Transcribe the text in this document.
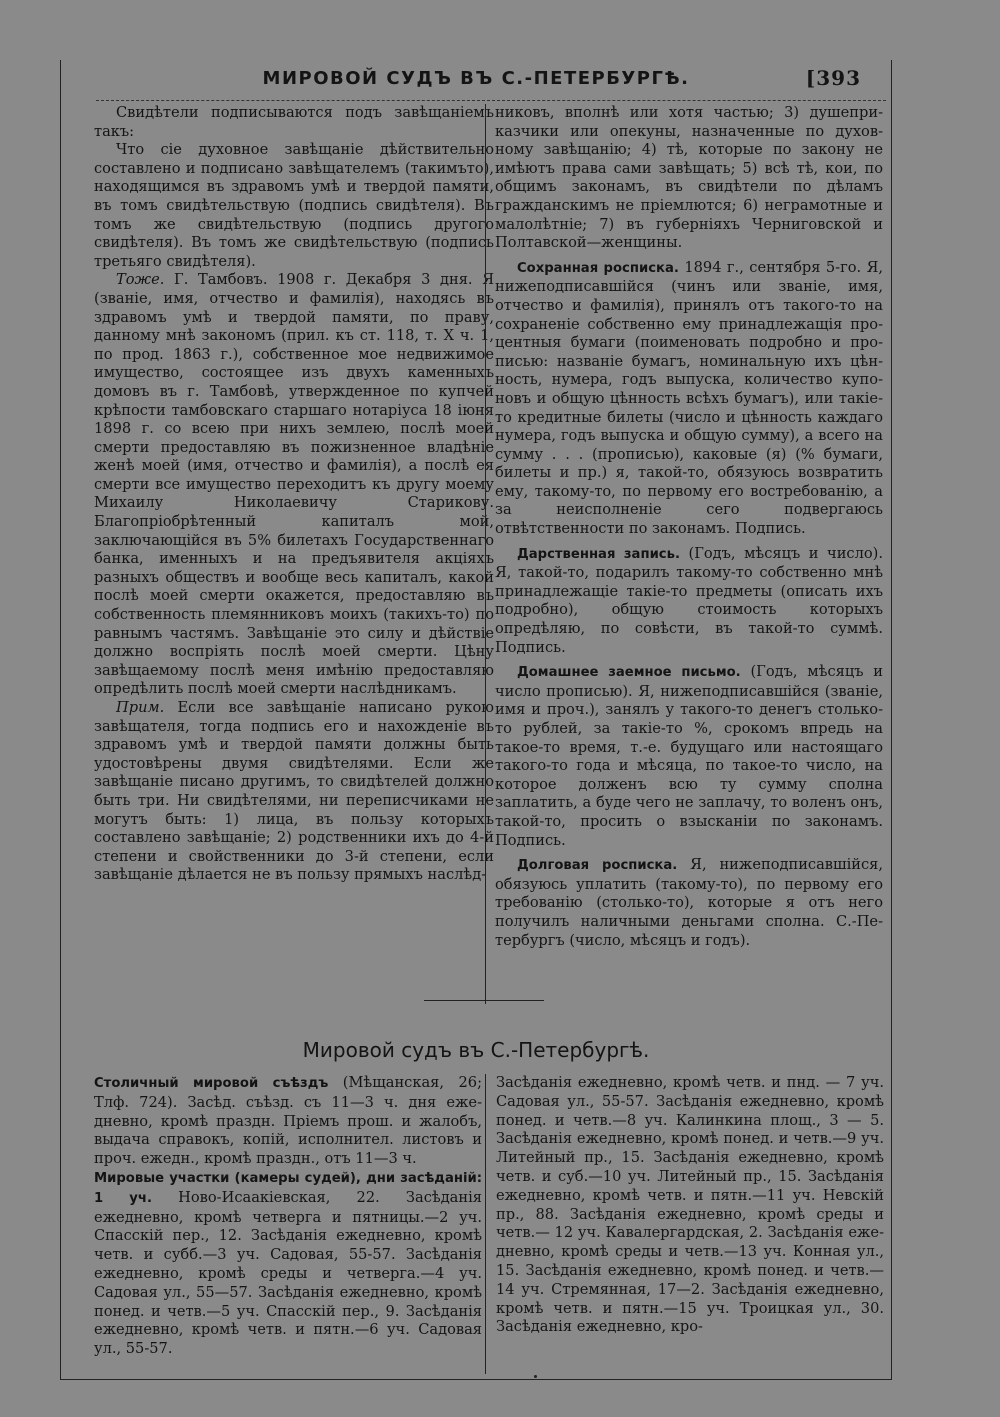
МИРОВОЙ СУДЪ ВЪ С.-ПЕТЕРБУРГѢ.	[393

Свидѣтели подписываются подъ завѣщаніемъ такъ:

Что сіе духовное завѣщаніе дѣйствительно составлено и подписано завѣщателемъ (такимъто), находящимся въ здравомъ умѣ и твердой памяти, въ томъ свидѣтельствую (подпись свидѣтеля). Въ томъ же свидѣтельствую (подпись другого свидѣтеля). Въ томъ же свидѣтельствую (подпись третьяго свидѣтеля).

Тоже. Г. Тамбовъ. 1908 г. Декабря 3 дня. Я (званіе, имя, отчество и фамилія), находясь въ здравомъ умѣ и твердой памяти, по праву, данному мнѣ закономъ (прил. къ ст. 118, т. X ч. 1, по прод. 1863 г.), собственное мое недвижимое имущество, состоящее изъ двухъ каменныхъ домовъ въ г. Тамбовѣ, утвержденное по купчей крѣпости тамбовскаго старшаго нотаріуса 18 іюня 1898 г. со всею при нихъ землею, послѣ моей смерти предоставляю въ пожизненное владѣніе женѣ моей (имя, отчество и фамилія), а послѣ ея смерти все имущество переходитъ къ другу моему Михаилу Николаевичу Старикову. Благопріобрѣтенный капиталъ мой, заключающійся въ 5% билетахъ Государственнаго банка, именныхъ и на предъявителя акціяхъ разныхъ обществъ и вообще весь капиталъ, какой послѣ моей смерти окажется, предоставляю въ собственность племянниковъ моихъ (такихъ-то) по равнымъ частямъ. Завѣщаніе это силу и дѣйствіе должно воспріять послѣ моей смерти. Цѣну завѣщаемому послѣ меня имѣнію предоставляю опредѣлить послѣ моей смерти наслѣдникамъ.

Прим. Если все завѣщаніе написано рукою завѣщателя, тогда подпись его и нахожденіе въ здравомъ умѣ и твердой памяти должны быть удостовѣрены двумя свидѣтелями. Если же завѣщаніе писано другимъ, то свидѣтелей должно быть три. Ни свидѣтелями, ни переписчиками не могутъ быть: 1) лица, въ пользу которыхъ составлено завѣщаніе; 2) родственники ихъ до 4-й степени и свойственники до 3-й степени, если завѣщаніе дѣлается не въ пользу прямыхъ наслѣд-

никовъ, вполнѣ или хотя частью; 3) душеприказчики или опекуны, назначенные по духовному завѣщанію; 4) тѣ, которые по закону не имѣютъ права сами завѣщать; 5) всѣ тѣ, кои, по общимъ законамъ, въ свидѣтели по дѣламъ гражданскимъ не пріемлются; 6) неграмотные и малолѣтніе; 7) въ губерніяхъ Черниговской и Полтавской—женщины.

Сохранная росписка. 1894 г., сентября 5-го. Я, нижеподписавшійся (чинъ или званіе, имя, отчество и фамилія), принялъ отъ такого-то на сохраненіе собственно ему принадлежащія процентныя бумаги (поименовать подробно и прописью: названіе бумагъ, номинальную ихъ цѣнность, нумера, годъ выпуска, количество купоновъ и общую цѣнность всѣхъ бумагъ), или такіе-то кредитные билеты (число и цѣнность каждаго нумера, годъ выпуска и общую сумму), а всего на сумму . . . (прописью), каковые (я) (% бумаги, билеты и пр.) я, такой-то, обязуюсь возвратить ему, такому-то, по первому его востребованію, а за неисполненіе сего подвергаюсь отвѣтственности по законамъ. Подпись.

Дарственная запись. (Годъ, мѣсяцъ и число). Я, такой-то, подарилъ такому-то собственно мнѣ принадлежащіе такіе-то предметы (описать ихъ подробно), общую стоимость которыхъ опредѣляю, по совѣсти, въ такой-то суммѣ. Подпись.

Домашнее заемное письмо. (Годъ, мѣсяцъ и число прописью). Я, нижеподписавшійся (званіе, имя и проч.), занялъ у такого-то денегъ столько-то рублей, за такіе-то %, срокомъ впредь на такое-то время, т.-е. будущаго или настоящаго такого-то года и мѣсяца, по такое-то число, на которое долженъ всю ту сумму сполна заплатить, а буде чего не заплачу, то воленъ онъ, такой-то, просить о взысканіи по законамъ. Подпись.

Долговая росписка. Я, нижеподписавшійся, обязуюсь уплатить (такому-то), по первому его требованію (столько-то), которые я отъ него получилъ наличными деньгами сполна. С.-Петербургъ (число, мѣсяцъ и годъ).

Мировой судъ въ С.-Петербургѣ.

Столичный мировой съѣздъ (Мѣщанская, 26; Тлф. 724). Засѣд. съѣзд. съ 11—3 ч. дня ежедневно, кромѣ праздн. Пріемъ прош. и жалобъ, выдача справокъ, копій, исполнител. листовъ и проч. ежедн., кромѣ праздн., отъ 11—3 ч.

Мировые участки (камеры судей), дни засѣданій: 1 уч. Ново-Исаакіевская, 22. Засѣданія ежедневно, кромѣ четверга и пятницы.—2 уч. Спасскій пер., 12. Засѣданія ежедневно, кромѣ четв. и субб.—3 уч. Садовая, 55-57. Засѣданія ежедневно, кромѣ среды и четверга.—4 уч. Садовая ул., 55—57. Засѣданія ежедневно, кромѣ понед. и четв.—5 уч. Спасскій пер., 9. Засѣданія ежедневно, кромѣ четв. и пятн.—6 уч. Садовая ул., 55-57.

Засѣданія ежедневно, кромѣ четв. и пнд. — 7 уч. Садовая ул., 55-57. Засѣданія ежедневно, кромѣ понед. и четв.—8 уч. Калинкина площ., 3 — 5. Засѣданія ежедневно, кромѣ понед. и четв.—9 уч. Литейный пр., 15. Засѣданія ежедневно, кромѣ четв. и суб.—10 уч. Литейный пр., 15. Засѣданія ежедневно, кромѣ четв. и пятн.—11 уч. Невскій пр., 88. Засѣданія ежедневно, кромѣ среды и четв.— 12 уч. Кавалергардская, 2. Засѣданія ежедневно, кромѣ среды и четв.—13 уч. Конная ул., 15. Засѣданія ежедневно, кромѣ понед. и четв.—14 уч. Стремянная, 17—2. Засѣданія ежедневно, кромѣ четв. и пятн.—15 уч. Троицкая ул., 30. Засѣданія ежедневно, кро-
